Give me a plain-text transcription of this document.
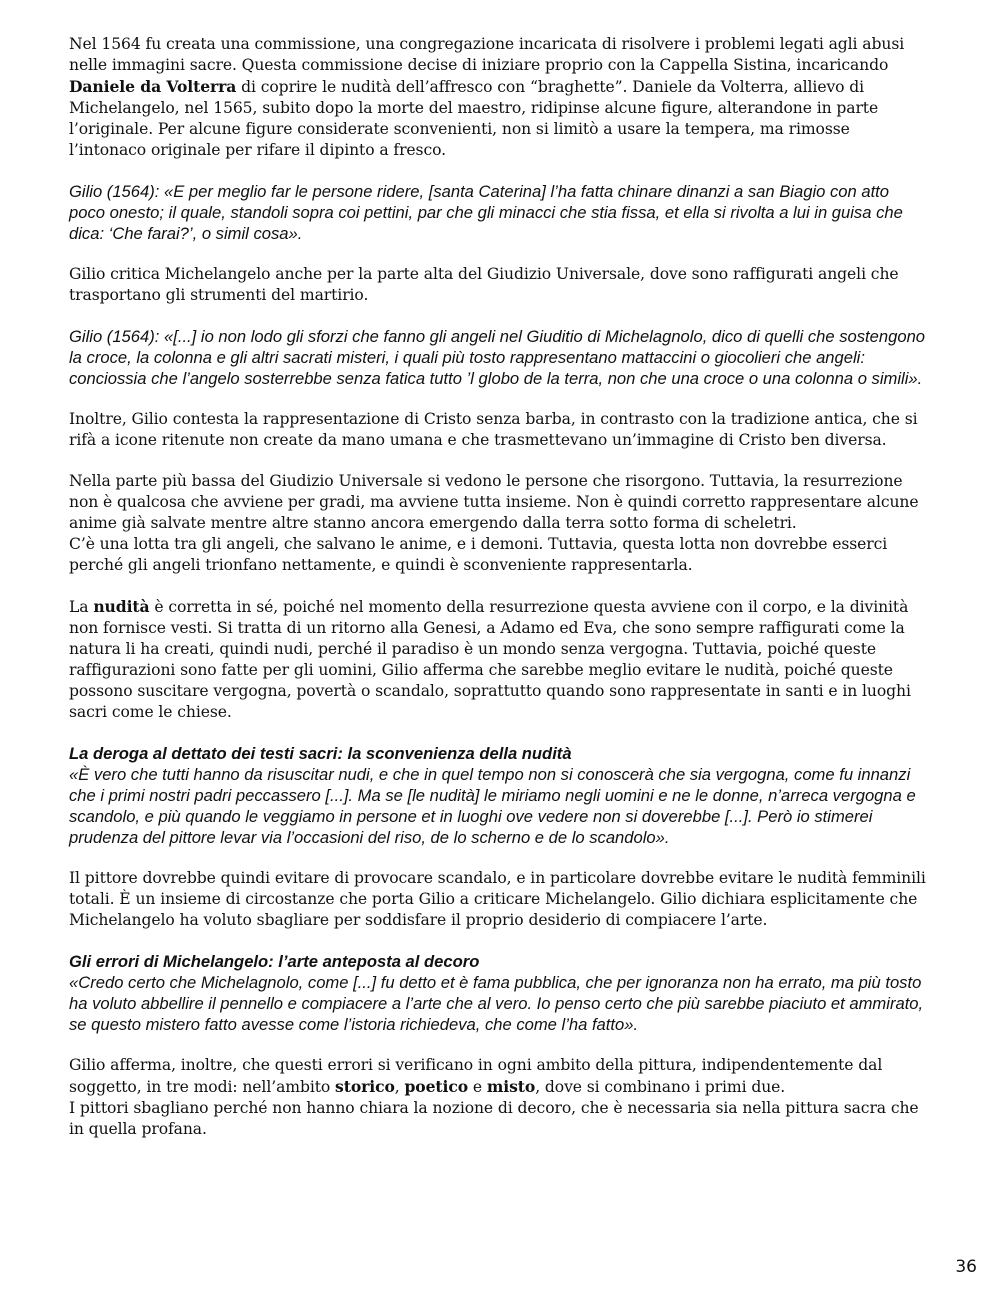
Nel 1564 fu creata una commissione, una congregazione incaricata di risolvere i problemi legati agli abusi nelle immagini sacre. Questa commissione decise di iniziare proprio con la Cappella Sistina, incaricando Daniele da Volterra di coprire le nudità dell’affresco con “braghette”. Daniele da Volterra, allievo di Michelangelo, nel 1565, subito dopo la morte del maestro, ridipinse alcune figure, alterandone in parte l’originale. Per alcune figure considerate sconvenienti, non si limitò a usare la tempera, ma rimosse l’intonaco originale per rifare il dipinto a fresco.

Gilio (1564): «E per meglio far le persone ridere, [santa Caterina] l’ha fatta chinare dinanzi a san Biagio con atto poco onesto; il quale, standoli sopra coi pettini, par che gli minacci che stia fissa, et ella si rivolta a lui in guisa che dica: ‘Che farai?’, o simil cosa».

Gilio critica Michelangelo anche per la parte alta del Giudizio Universale, dove sono raffigurati angeli che trasportano gli strumenti del martirio.

Gilio (1564): «[...] io non lodo gli sforzi che fanno gli angeli nel Giuditio di Michelagnolo, dico di quelli che sostengono la croce, la colonna e gli altri sacrati misteri, i quali più tosto rappresentano mattaccini o giocolieri che angeli: conciossia che l’angelo sosterrebbe senza fatica tutto ’l globo de la terra, non che una croce o una colonna o simili».

Inoltre, Gilio contesta la rappresentazione di Cristo senza barba, in contrasto con la tradizione antica, che si rifà a icone ritenute non create da mano umana e che trasmettevano un’immagine di Cristo ben diversa.

Nella parte più bassa del Giudizio Universale si vedono le persone che risorgono. Tuttavia, la resurrezione non è qualcosa che avviene per gradi, ma avviene tutta insieme. Non è quindi corretto rappresentare alcune anime già salvate mentre altre stanno ancora emergendo dalla terra sotto forma di scheletri.

C’è una lotta tra gli angeli, che salvano le anime, e i demoni. Tuttavia, questa lotta non dovrebbe esserci perché gli angeli trionfano nettamente, e quindi è sconveniente rappresentarla.

La nudità è corretta in sé, poiché nel momento della resurrezione questa avviene con il corpo, e la divinità non fornisce vesti. Si tratta di un ritorno alla Genesi, a Adamo ed Eva, che sono sempre raffigurati come la natura li ha creati, quindi nudi, perché il paradiso è un mondo senza vergogna. Tuttavia, poiché queste raffigurazioni sono fatte per gli uomini, Gilio afferma che sarebbe meglio evitare le nudità, poiché queste possono suscitare vergogna, povertà o scandalo, soprattutto quando sono rappresentate in santi e in luoghi sacri come le chiese.

La deroga al dettato dei testi sacri: la sconvenienza della nudità

«È vero che tutti hanno da risuscitar nudi, e che in quel tempo non si conoscerà che sia vergogna, come fu innanzi che i primi nostri padri peccassero [...]. Ma se [le nudità] le miriamo negli uomini e ne le donne, n’arreca vergogna e scandolo, e più quando le veggiamo in persone et in luoghi ove vedere non si doverebbe [...]. Però io stimerei prudenza del pittore levar via l’occasioni del riso, de lo scherno e de lo scandolo».

Il pittore dovrebbe quindi evitare di provocare scandalo, e in particolare dovrebbe evitare le nudità femminili totali. È un insieme di circostanze che porta Gilio a criticare Michelangelo. Gilio dichiara esplicitamente che Michelangelo ha voluto sbagliare per soddisfare il proprio desiderio di compiacere l’arte.

Gli errori di Michelangelo: l’arte anteposta al decoro

«Credo certo che Michelagnolo, come [...] fu detto et è fama pubblica, che per ignoranza non ha errato, ma più tosto ha voluto abbellire il pennello e compiacere a l’arte che al vero. Io penso certo che più sarebbe piaciuto et ammirato, se questo mistero fatto avesse come l’istoria richiedeva, che come l’ha fatto».

Gilio afferma, inoltre, che questi errori si verificano in ogni ambito della pittura, indipendentemente dal soggetto, in tre modi: nell’ambito storico, poetico e misto, dove si combinano i primi due.

I pittori sbagliano perché non hanno chiara la nozione di decoro, che è necessaria sia nella pittura sacra che in quella profana.

36
